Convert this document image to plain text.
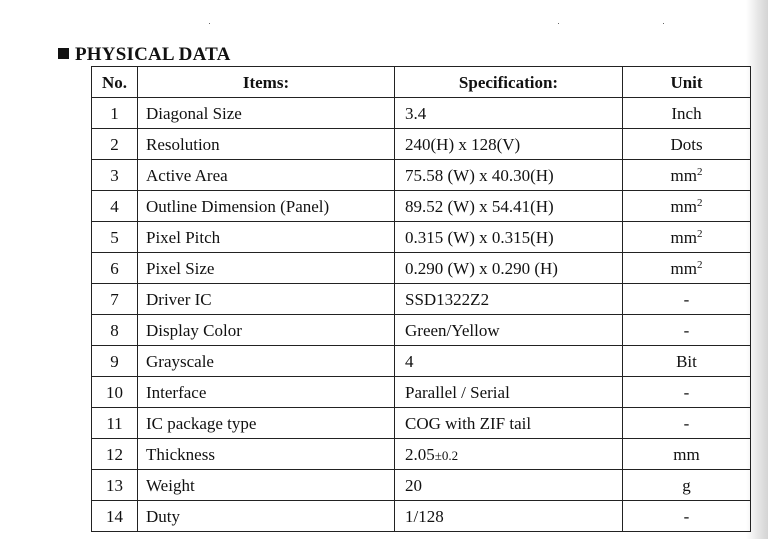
PHYSICAL DATA
No.	Items:	Specification:	Unit
1	Diagonal Size	3.4	Inch
2	Resolution	240(H) x 128(V)	Dots
3	Active Area	75.58 (W) x 40.30(H)	$mm^2$
4	Outline Dimension (Panel)	89.52 (W) x 54.41(H)	$mm^2$
5	Pixel Pitch	0.315 (W) x 0.315(H)	$mm^2$
6	Pixel Size	0.290 (W) x 0.290 (H)	$mm^2$
7	Driver IC	SSD1322Z2	-
8	Display Color	Green/Yellow	-
9	Grayscale	4	Bit
10	Interface	Parallel / Serial	-
11	IC package type	COG with ZIF tail	-
12	Thickness	2.05±0.2	mm
13	Weight	20	g
14	Duty	1/128	-
